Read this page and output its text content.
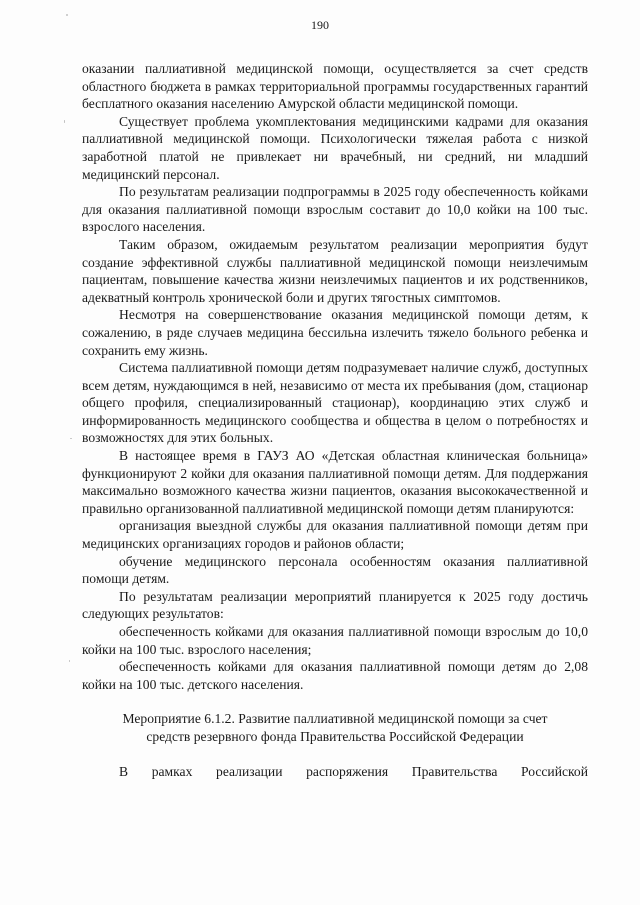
190

оказании паллиативной медицинской помощи, осуществляется за счет средств областного бюджета в рамках территориальной программы государственных гарантий бесплатного оказания населению Амурской области медицинской помощи.

Существует проблема укомплектования медицинскими кадрами для оказания паллиативной медицинской помощи. Психологически тяжелая работа с низкой заработной платой не привлекает ни врачебный, ни средний, ни младший медицинский персонал.

По результатам реализации подпрограммы в 2025 году обеспеченность койками для оказания паллиативной помощи взрослым составит до 10,0 койки на 100 тыс. взрослого населения.

Таким образом, ожидаемым результатом реализации мероприятия будут создание эффективной службы паллиативной медицинской помощи неизлечимым пациентам, повышение качества жизни неизлечимых пациентов и их родственников, адекватный контроль хронической боли и других тягостных симптомов.

Несмотря на совершенствование оказания медицинской помощи детям, к сожалению, в ряде случаев медицина бессильна излечить тяжело больного ребенка и сохранить ему жизнь.

Система паллиативной помощи детям подразумевает наличие служб, доступных всем детям, нуждающимся в ней, независимо от места их пребывания (дом, стационар общего профиля, специализированный стационар), координацию этих служб и информированность медицинского сообщества и общества в целом о потребностях и возможностях для этих больных.

В настоящее время в ГАУЗ АО «Детская областная клиническая больница» функционируют 2 койки для оказания паллиативной помощи детям. Для поддержания максимально возможного качества жизни пациентов, оказания высококачественной и правильно организованной паллиативной медицинской помощи детям планируются:

организация выездной службы для оказания паллиативной помощи детям при медицинских организациях городов и районов области;

обучение медицинского персонала особенностям оказания паллиативной помощи детям.

По результатам реализации мероприятий планируется к 2025 году достичь следующих результатов:

обеспеченность койками для оказания паллиативной помощи взрослым до 10,0 койки на 100 тыс. взрослого населения;

обеспеченность койками для оказания паллиативной помощи детям до 2,08 койки на 100 тыс. детского населения.

Мероприятие 6.1.2. Развитие паллиативной медицинской помощи за счет
средств резервного фонда Правительства Российской Федерации

В рамках реализации распоряжения Правительства Российской
